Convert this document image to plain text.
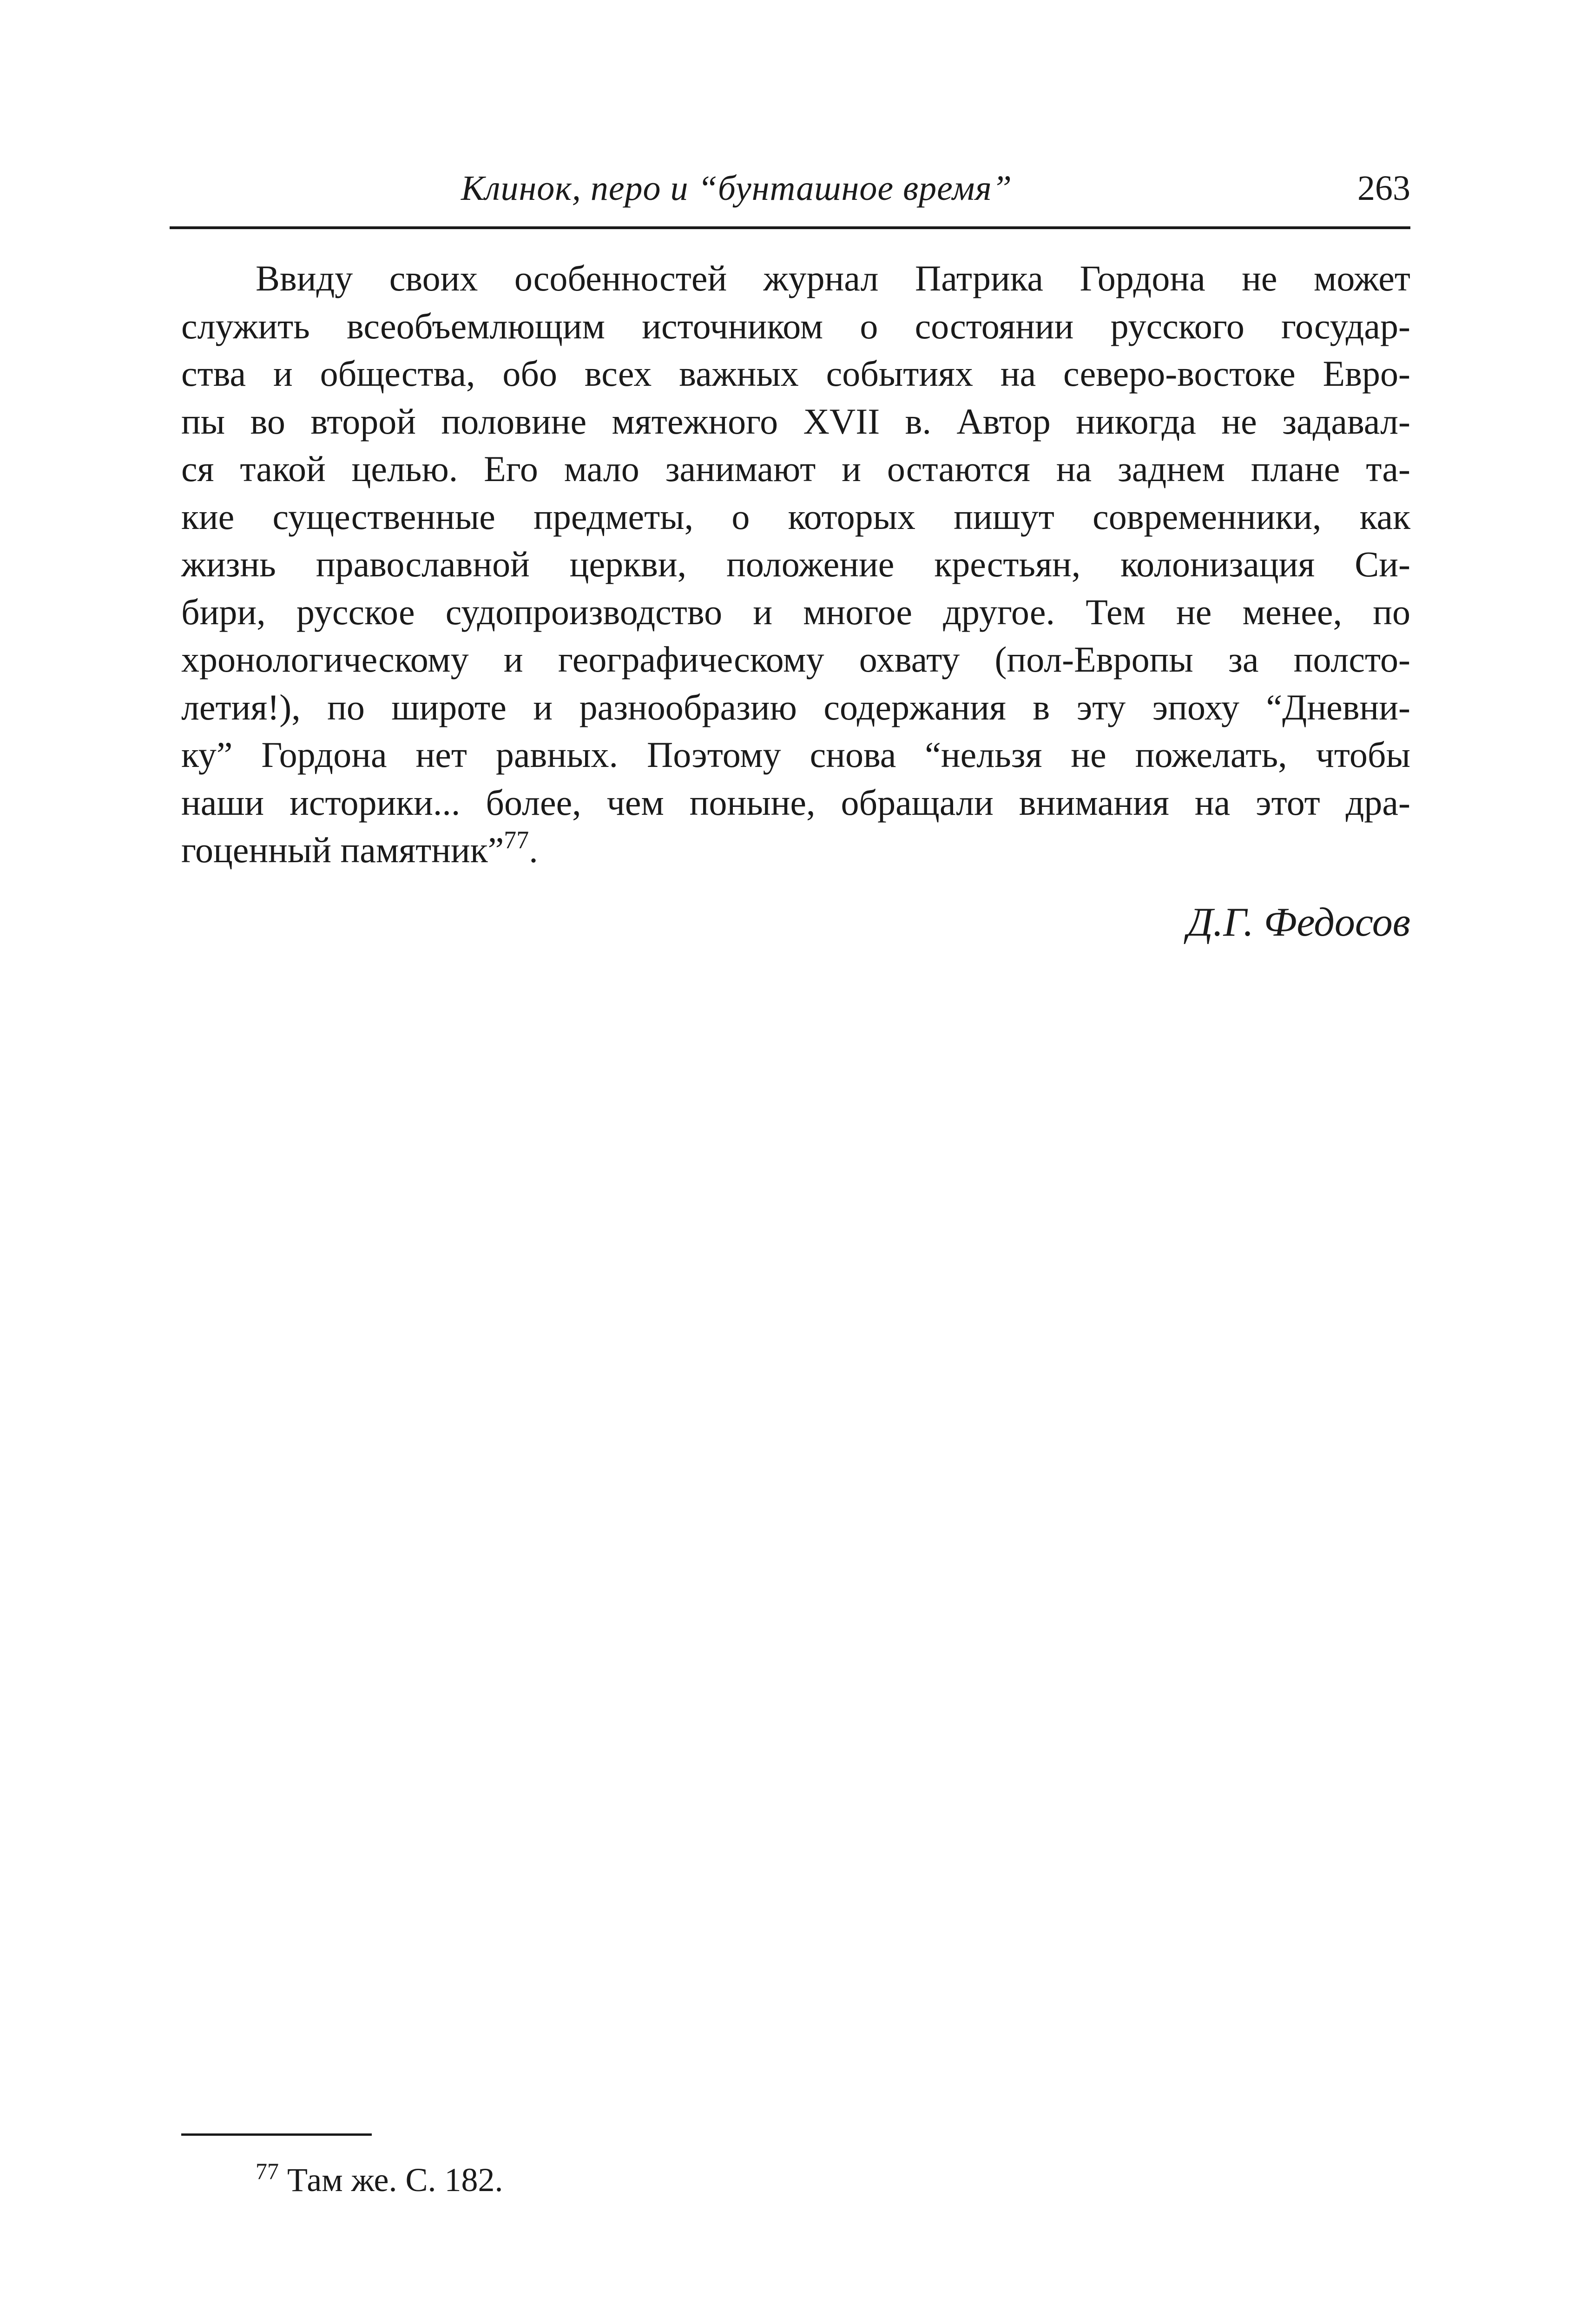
Клинок, перо и “бунташное время”	263
Ввиду своих особенностей журнал Патрика Гордона не может
служить всеобъемлющим источником о состоянии русского государ-
ства и общества, обо всех важных событиях на северо-востоке Евро-
пы во второй половине мятежного XVII в. Автор никогда не задавал-
ся такой целью. Его мало занимают и остаются на заднем плане та-
кие существенные предметы, о которых пишут современники, как
жизнь православной церкви, положение крестьян, колонизация Си-
бири, русское судопроизводство и многое другое. Тем не менее, по
хронологическому и географическому охвату (пол-Европы за полсто-
летия!), по широте и разнообразию содержания в эту эпоху “Дневни-
ку” Гордона нет равных. Поэтому снова “нельзя не пожелать, чтобы
наши историки... более, чем поныне, обращали внимания на этот дра-
гоценный памятник”$^{77}$.
Д.Г. Федосов
$^{77}$ Там же. С. 182.
